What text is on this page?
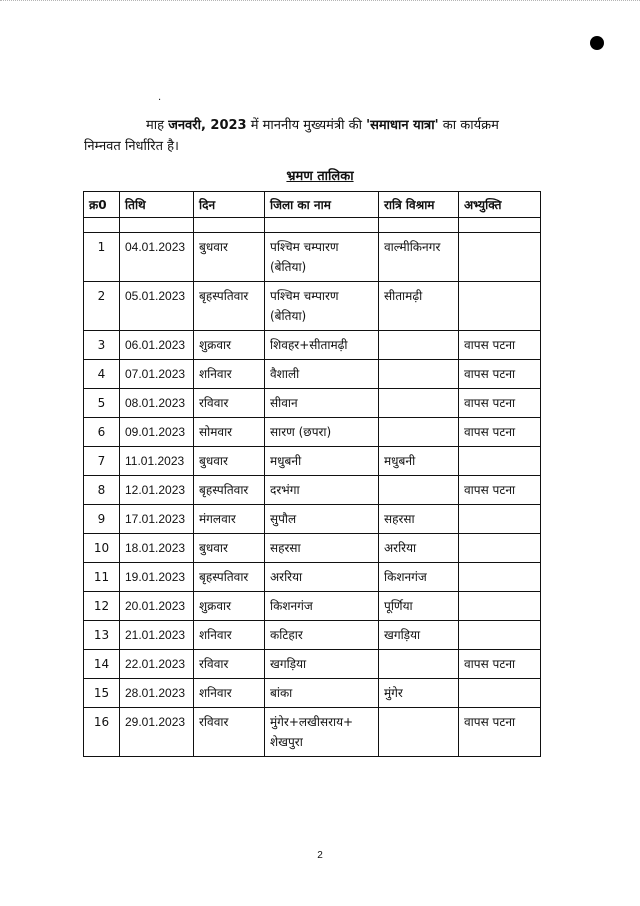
.
माह जनवरी, 2023 में माननीय मुख्यमंत्री की 'समाधान यात्रा' का कार्यक्रम
निम्नवत निर्धारित है।
भ्रमण तालिका
क्र0	तिथि	दिन	जिला का नाम	रात्रि विश्राम	अभ्युक्ति

1	04.01.2023	बुधवार	पश्चिम चम्पारण (बेतिया)	वाल्मीकिनगर	
2	05.01.2023	बृहस्पतिवार	पश्चिम चम्पारण (बेतिया)	सीतामढ़ी	
3	06.01.2023	शुक्रवार	शिवहर+सीतामढ़ी		वापस पटना
4	07.01.2023	शनिवार	वैशाली		वापस पटना
5	08.01.2023	रविवार	सीवान		वापस पटना
6	09.01.2023	सोमवार	सारण (छपरा)		वापस पटना
7	11.01.2023	बुधवार	मधुबनी	मधुबनी	
8	12.01.2023	बृहस्पतिवार	दरभंगा		वापस पटना
9	17.01.2023	मंगलवार	सुपौल	सहरसा	
10	18.01.2023	बुधवार	सहरसा	अररिया	
11	19.01.2023	बृहस्पतिवार	अररिया	किशनगंज	
12	20.01.2023	शुक्रवार	किशनगंज	पूर्णिया	
13	21.01.2023	शनिवार	कटिहार	खगड़िया	
14	22.01.2023	रविवार	खगड़िया		वापस पटना
15	28.01.2023	शनिवार	बांका	मुंगेर	
16	29.01.2023	रविवार	मुंगेर+लखीसराय+ शेखपुरा		वापस पटना
2
